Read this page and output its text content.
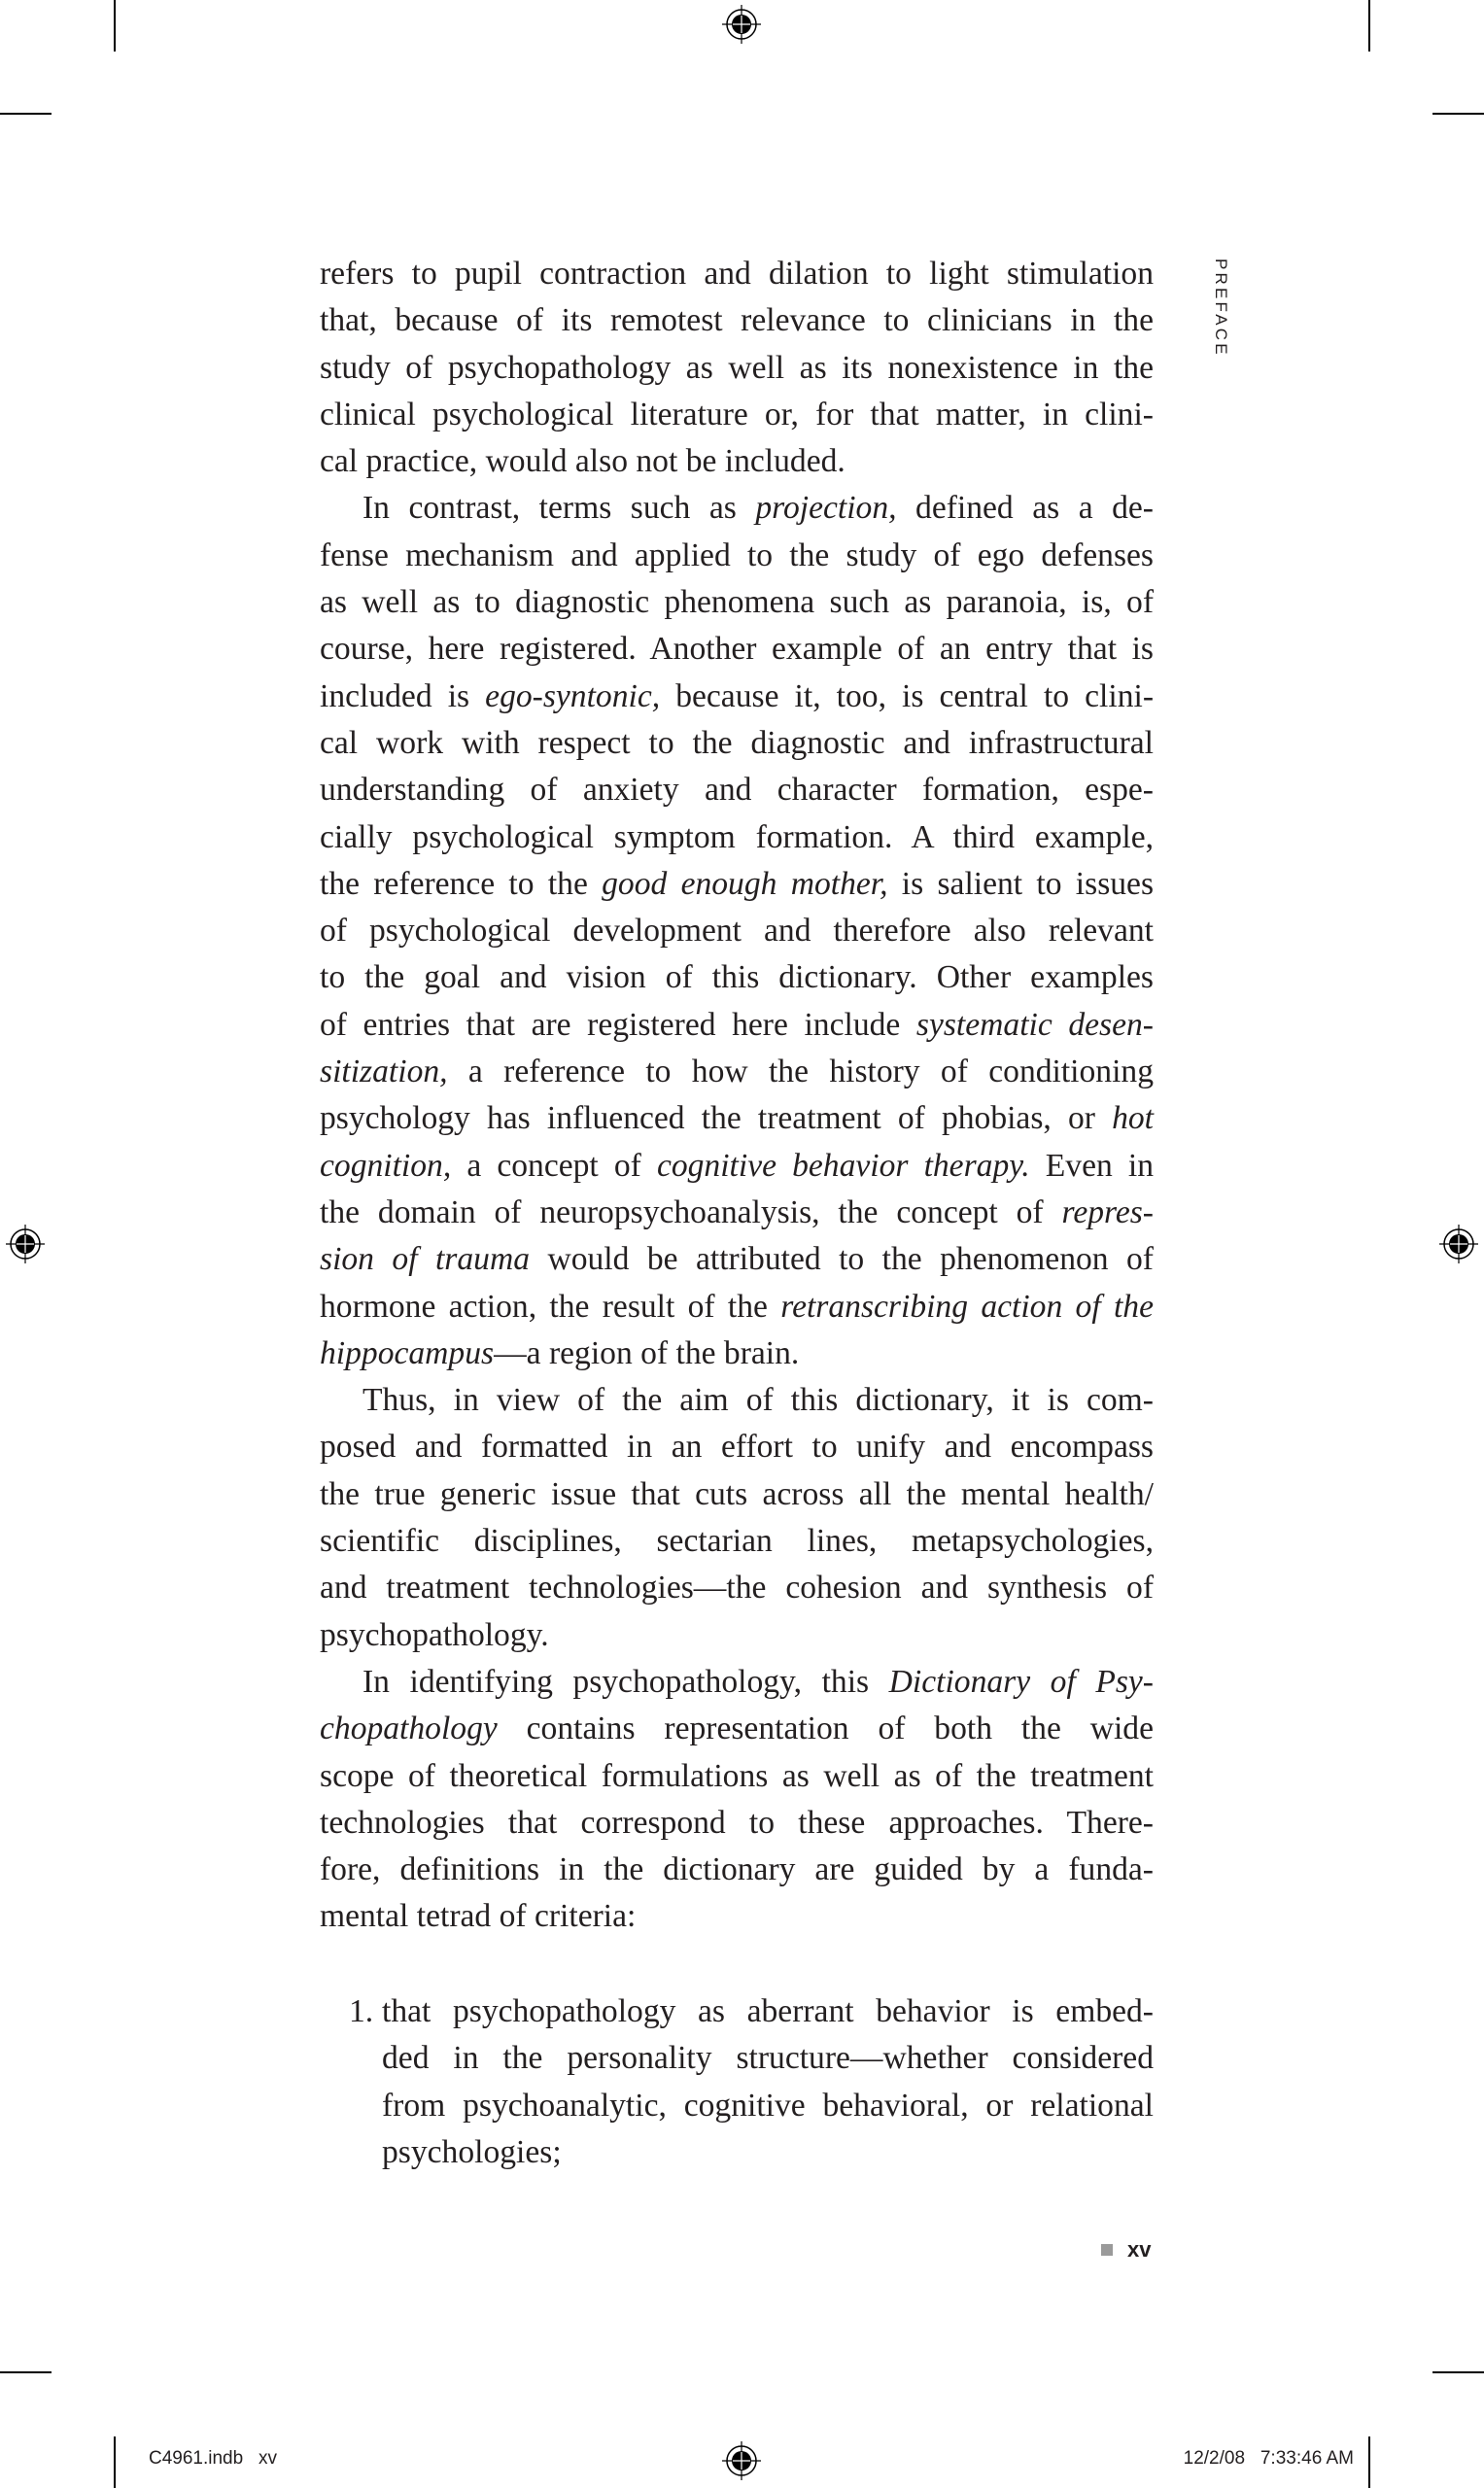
PREFACE

refers to pupil contraction and dilation to light stimulation
that, because of its remotest relevance to clinicians in the
study of psychopathology as well as its nonexistence in the
clinical psychological literature or, for that matter, in clini-
cal practice, would also not be included.

In contrast, terms such as projection, defined as a de-
fense mechanism and applied to the study of ego defenses
as well as to diagnostic phenomena such as paranoia, is, of
course, here registered. Another example of an entry that is
included is ego-syntonic, because it, too, is central to clini-
cal work with respect to the diagnostic and infrastructural
understanding of anxiety and character formation, espe-
cially psychological symptom formation. A third example,
the reference to the good enough mother, is salient to issues
of psychological development and therefore also relevant
to the goal and vision of this dictionary. Other examples
of entries that are registered here include systematic desen-
sitization, a reference to how the history of conditioning
psychology has influenced the treatment of phobias, or hot
cognition, a concept of cognitive behavior therapy. Even in
the domain of neuropsychoanalysis, the concept of repres-
sion of trauma would be attributed to the phenomenon of
hormone action, the result of the retranscribing action of the
hippocampus—a region of the brain.

Thus, in view of the aim of this dictionary, it is com-
posed and formatted in an effort to unify and encompass
the true generic issue that cuts across all the mental health/
scientific disciplines, sectarian lines, metapsychologies,
and treatment technologies—the cohesion and synthesis of
psychopathology.

In identifying psychopathology, this Dictionary of Psy-
chopathology contains representation of both the wide
scope of theoretical formulations as well as of the treatment
technologies that correspond to these approaches. There-
fore, definitions in the dictionary are guided by a funda-
mental tetrad of criteria:

1. that psychopathology as aberrant behavior is embed-
ded in the personality structure—whether considered
from psychoanalytic, cognitive behavioral, or relational
psychologies;
xv
C4961.indb   xv	12/2/08   7:33:46 AM
